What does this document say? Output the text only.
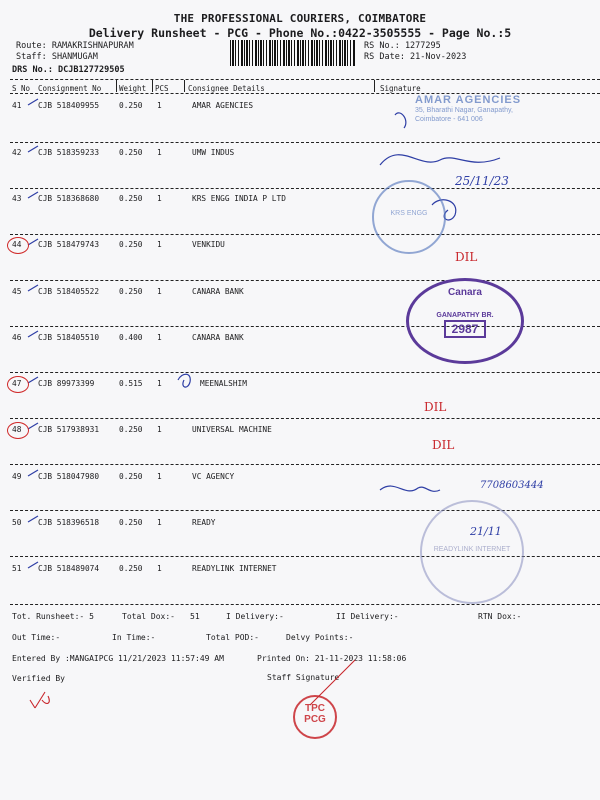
THE PROFESSIONAL COURIERS, COIMBATORE
Delivery Runsheet - PCG - Phone No.:0422-3505555 - Page No.:5
Route: RAMAKRISHNAPURAM
Staff: SHANMUGAM
DRS No.: DCJB127729505
RS No.: 1277295
RS Date: 21-Nov-2023
S No Consignment No Weight PCS	Consignee Details	Signature
41 CJB 518409955	0.250 1	AMAR AGENCIES
42 CJB 518359233	0.250 1	UMW INDUS
43 CJB 518368680	0.250 1	KRS ENGG INDIA P LTD
44 CJB 518479743	0.250 1	VENKIDU
45 CJB 518405522	0.250 1	CANARA BANK
46 CJB 518405510	0.400 1	CANARA BANK
47 CJB 89973399	0.515 1	MEENALSHIM
48 CJB 517938931	0.250 1	UNIVERSAL MACHINE
49 CJB 518047980	0.250 1	VC AGENCY
50 CJB 518396518	0.250 1	READY
51 CJB 518489074	0.250 1	READYLINK INTERNET
Tot. Runsheet:- 5	Total Dox:- 51	I Delivery:-	II Delivery:-	RTN Dox:-
Out Time:-	In Time:-	Total POD:-	Delvy Points:-
Entered By :MANGAIPCG 11/21/2023 11:57:49 AM	Printed On: 21-11-2023 11:58:06
Verified By	Staff Signature
DIL
DIL
DIL
25/11/23
7708603444
21/11
AMAR AGENCIES
35, Bharathi Nagar, Ganapathy, Coimbatore - 641 006
KRS ENGG
Canara
GANAPATHY BR.
2987
READYLINK INTERNET
TPC
PCG
